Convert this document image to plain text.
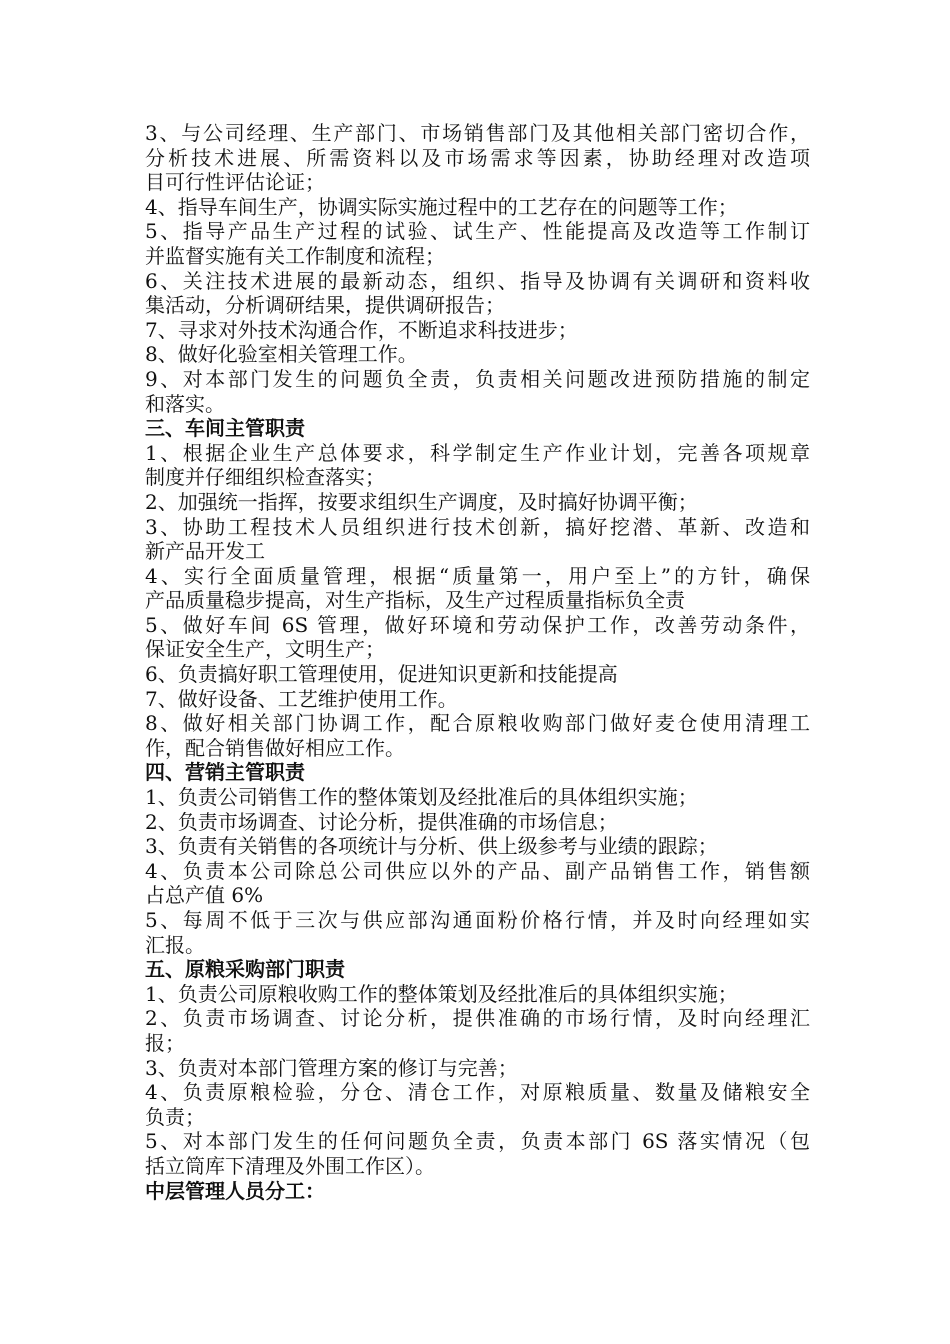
3、与公司经理、生产部门、市场销售部门及其他相关部门密切合作，
分析技术进展、所需资料以及市场需求等因素，协助经理对改造项
目可行性评估论证；
4、指导车间生产，协调实际实施过程中的工艺存在的问题等工作；
5、指导产品生产过程的试验、试生产、性能提高及改造等工作制订
并监督实施有关工作制度和流程；
6、关注技术进展的最新动态，组织、指导及协调有关调研和资料收
集活动，分析调研结果，提供调研报告；
7、寻求对外技术沟通合作，不断追求科技进步；
8、做好化验室相关管理工作。
9、对本部门发生的问题负全责，负责相关问题改进预防措施的制定
和落实。
三、车间主管职责
1、根据企业生产总体要求，科学制定生产作业计划，完善各项规章
制度并仔细组织检查落实；
2、加强统一指挥，按要求组织生产调度，及时搞好协调平衡；
3、协助工程技术人员组织进行技术创新，搞好挖潜、革新、改造和
新产品开发工
4、实行全面质量管理，根据“质量第一，用户至上”的方针，确保
产品质量稳步提高，对生产指标，及生产过程质量指标负全责
5、做好车间 6S 管理，做好环境和劳动保护工作，改善劳动条件，
保证安全生产，文明生产；
6、负责搞好职工管理使用，促进知识更新和技能提高
7、做好设备、工艺维护使用工作。
8、做好相关部门协调工作，配合原粮收购部门做好麦仓使用清理工
作，配合销售做好相应工作。
四、营销主管职责
1、负责公司销售工作的整体策划及经批准后的具体组织实施；
2、负责市场调查、讨论分析，提供准确的市场信息；
3、负责有关销售的各项统计与分析、供上级参考与业绩的跟踪；
4、负责本公司除总公司供应以外的产品、副产品销售工作，销售额
占总产值 6%
5、每周不低于三次与供应部沟通面粉价格行情，并及时向经理如实
汇报。
五、原粮采购部门职责
1、负责公司原粮收购工作的整体策划及经批准后的具体组织实施；
2、负责市场调查、讨论分析，提供准确的市场行情，及时向经理汇
报；
3、负责对本部门管理方案的修订与完善；
4、负责原粮检验，分仓、清仓工作，对原粮质量、数量及储粮安全
负责；
5、对本部门发生的任何问题负全责，负责本部门 6S 落实情况（包
括立筒库下清理及外围工作区）。
中层管理人员分工：
